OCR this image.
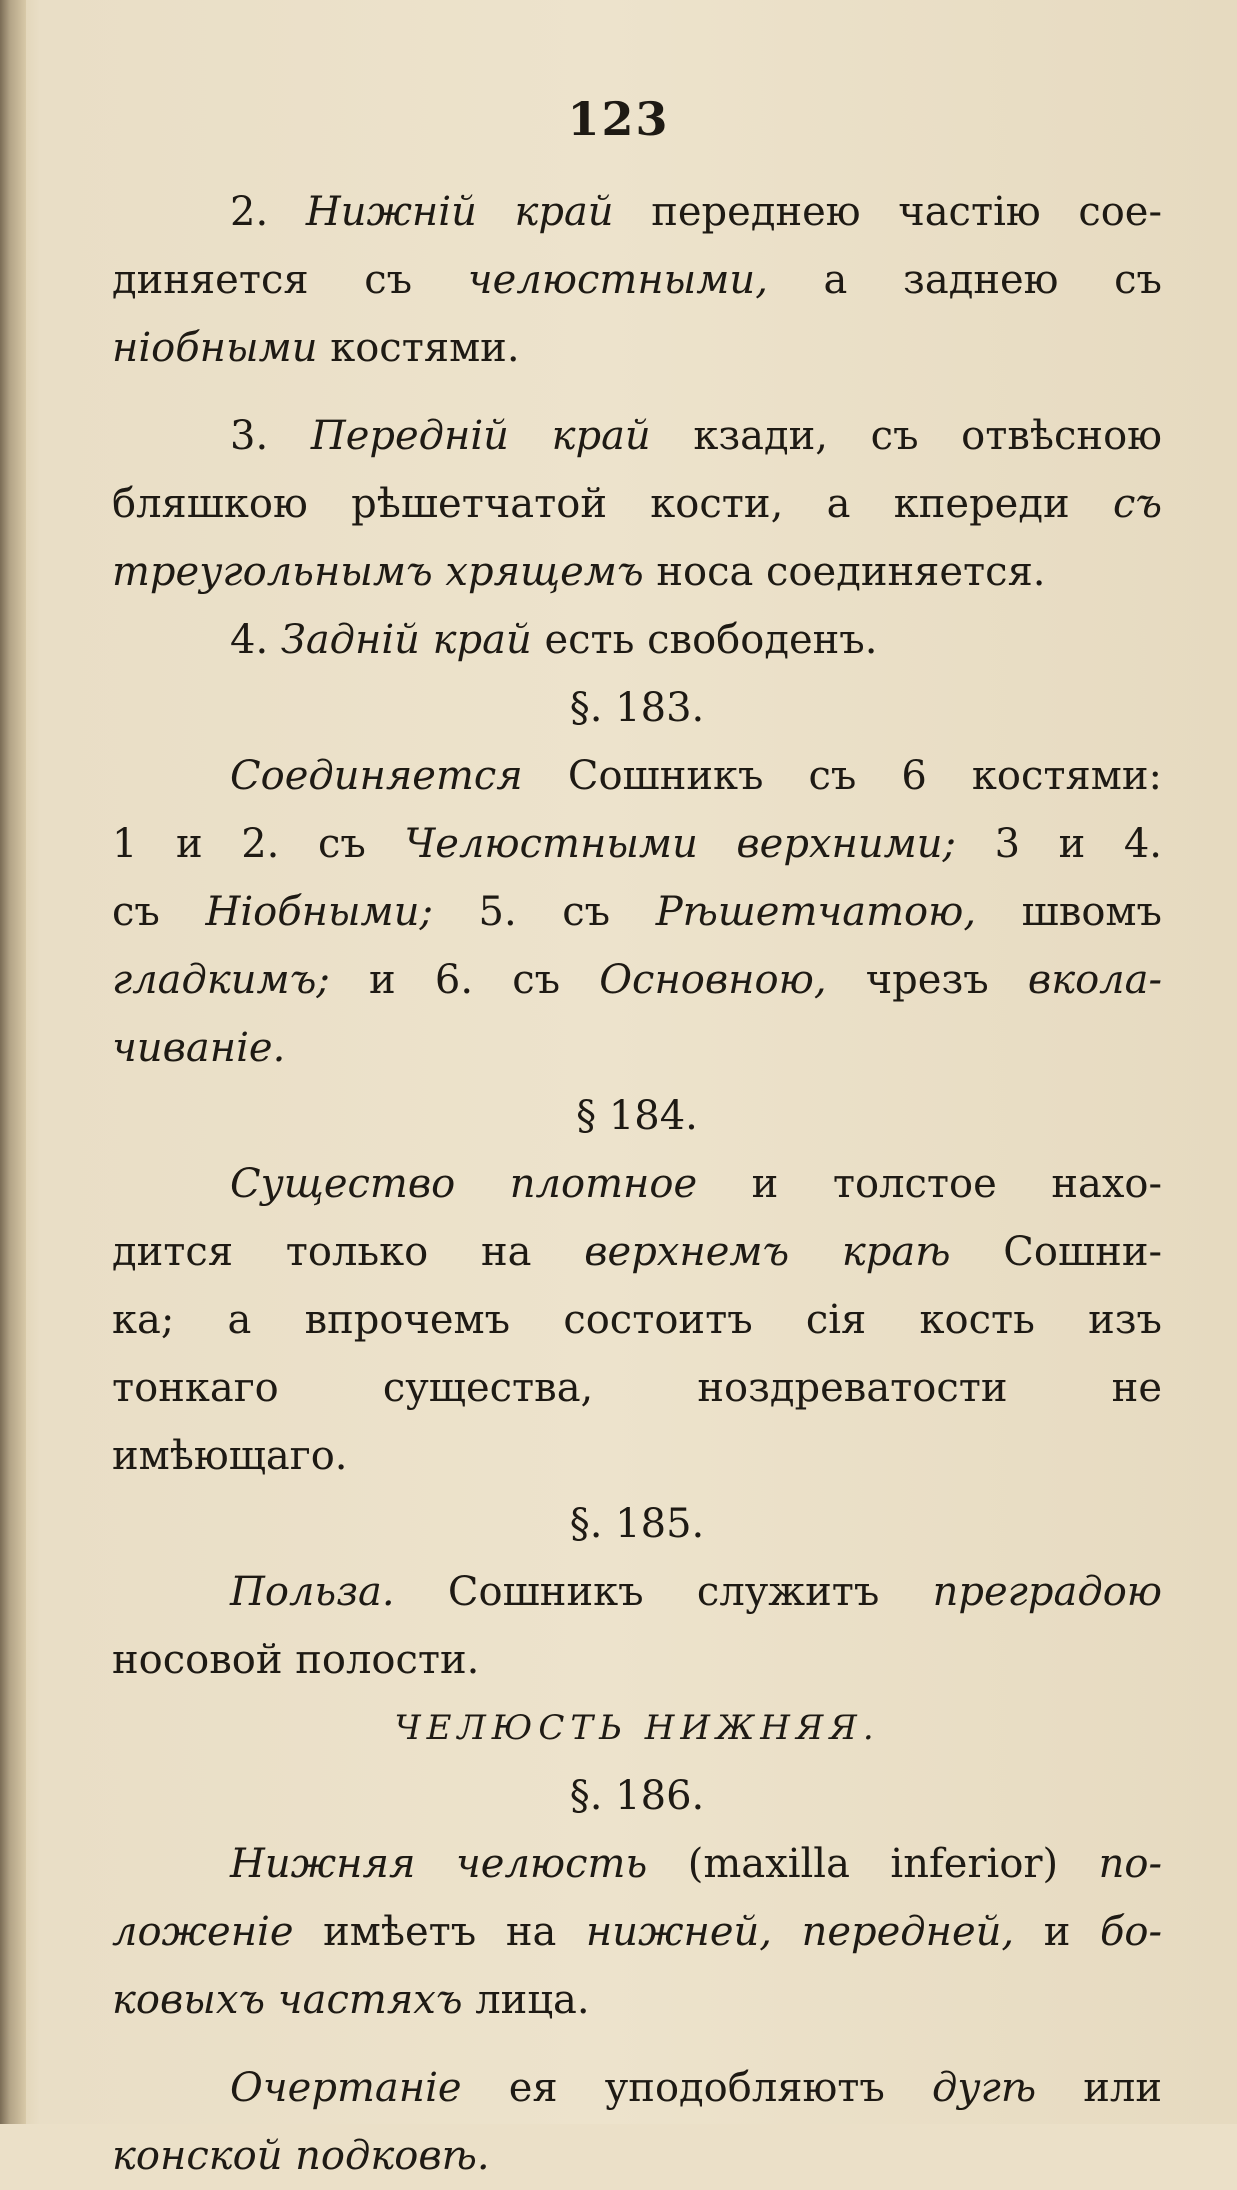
123
2. Нижній край переднею частію сое-
диняется съ челюстными, а заднею съ
ніобными костями.
3. Передній край кзади, съ отвѣсною
бляшкою рѣшетчатой кости, а кпереди съ
треугольнымъ хрящемъ носа соединяется.
4. Задній край есть свободенъ.
§. 183.
Соединяется Сошникъ съ 6 костями:
1 и 2. съ Челюстными верхними; 3 и 4.
съ Ніобными; 5. съ Рѣшетчатою, швомъ
гладкимъ; и 6. съ Основною, чрезъ вкола-
чиваніе.
§ 184.
Существо плотное и толстое нахо-
дится только на верхнемъ краѣ Сошни-
ка; а впрочемъ состоитъ сія кость изъ
тонкаго существа, ноздреватости не
имѣющаго.
§. 185.
Польза. Сошникъ служитъ преградою
носовой полости.
ЧЕЛЮСТЬ НИЖНЯЯ.
§. 186.
Нижняя челюсть (maxilla inferior) по-
ложеніе имѣетъ на нижней, передней, и бо-
ковыхъ частяхъ лица.
Очертаніе ея уподобляютъ дугѣ или
конской подковѣ.
